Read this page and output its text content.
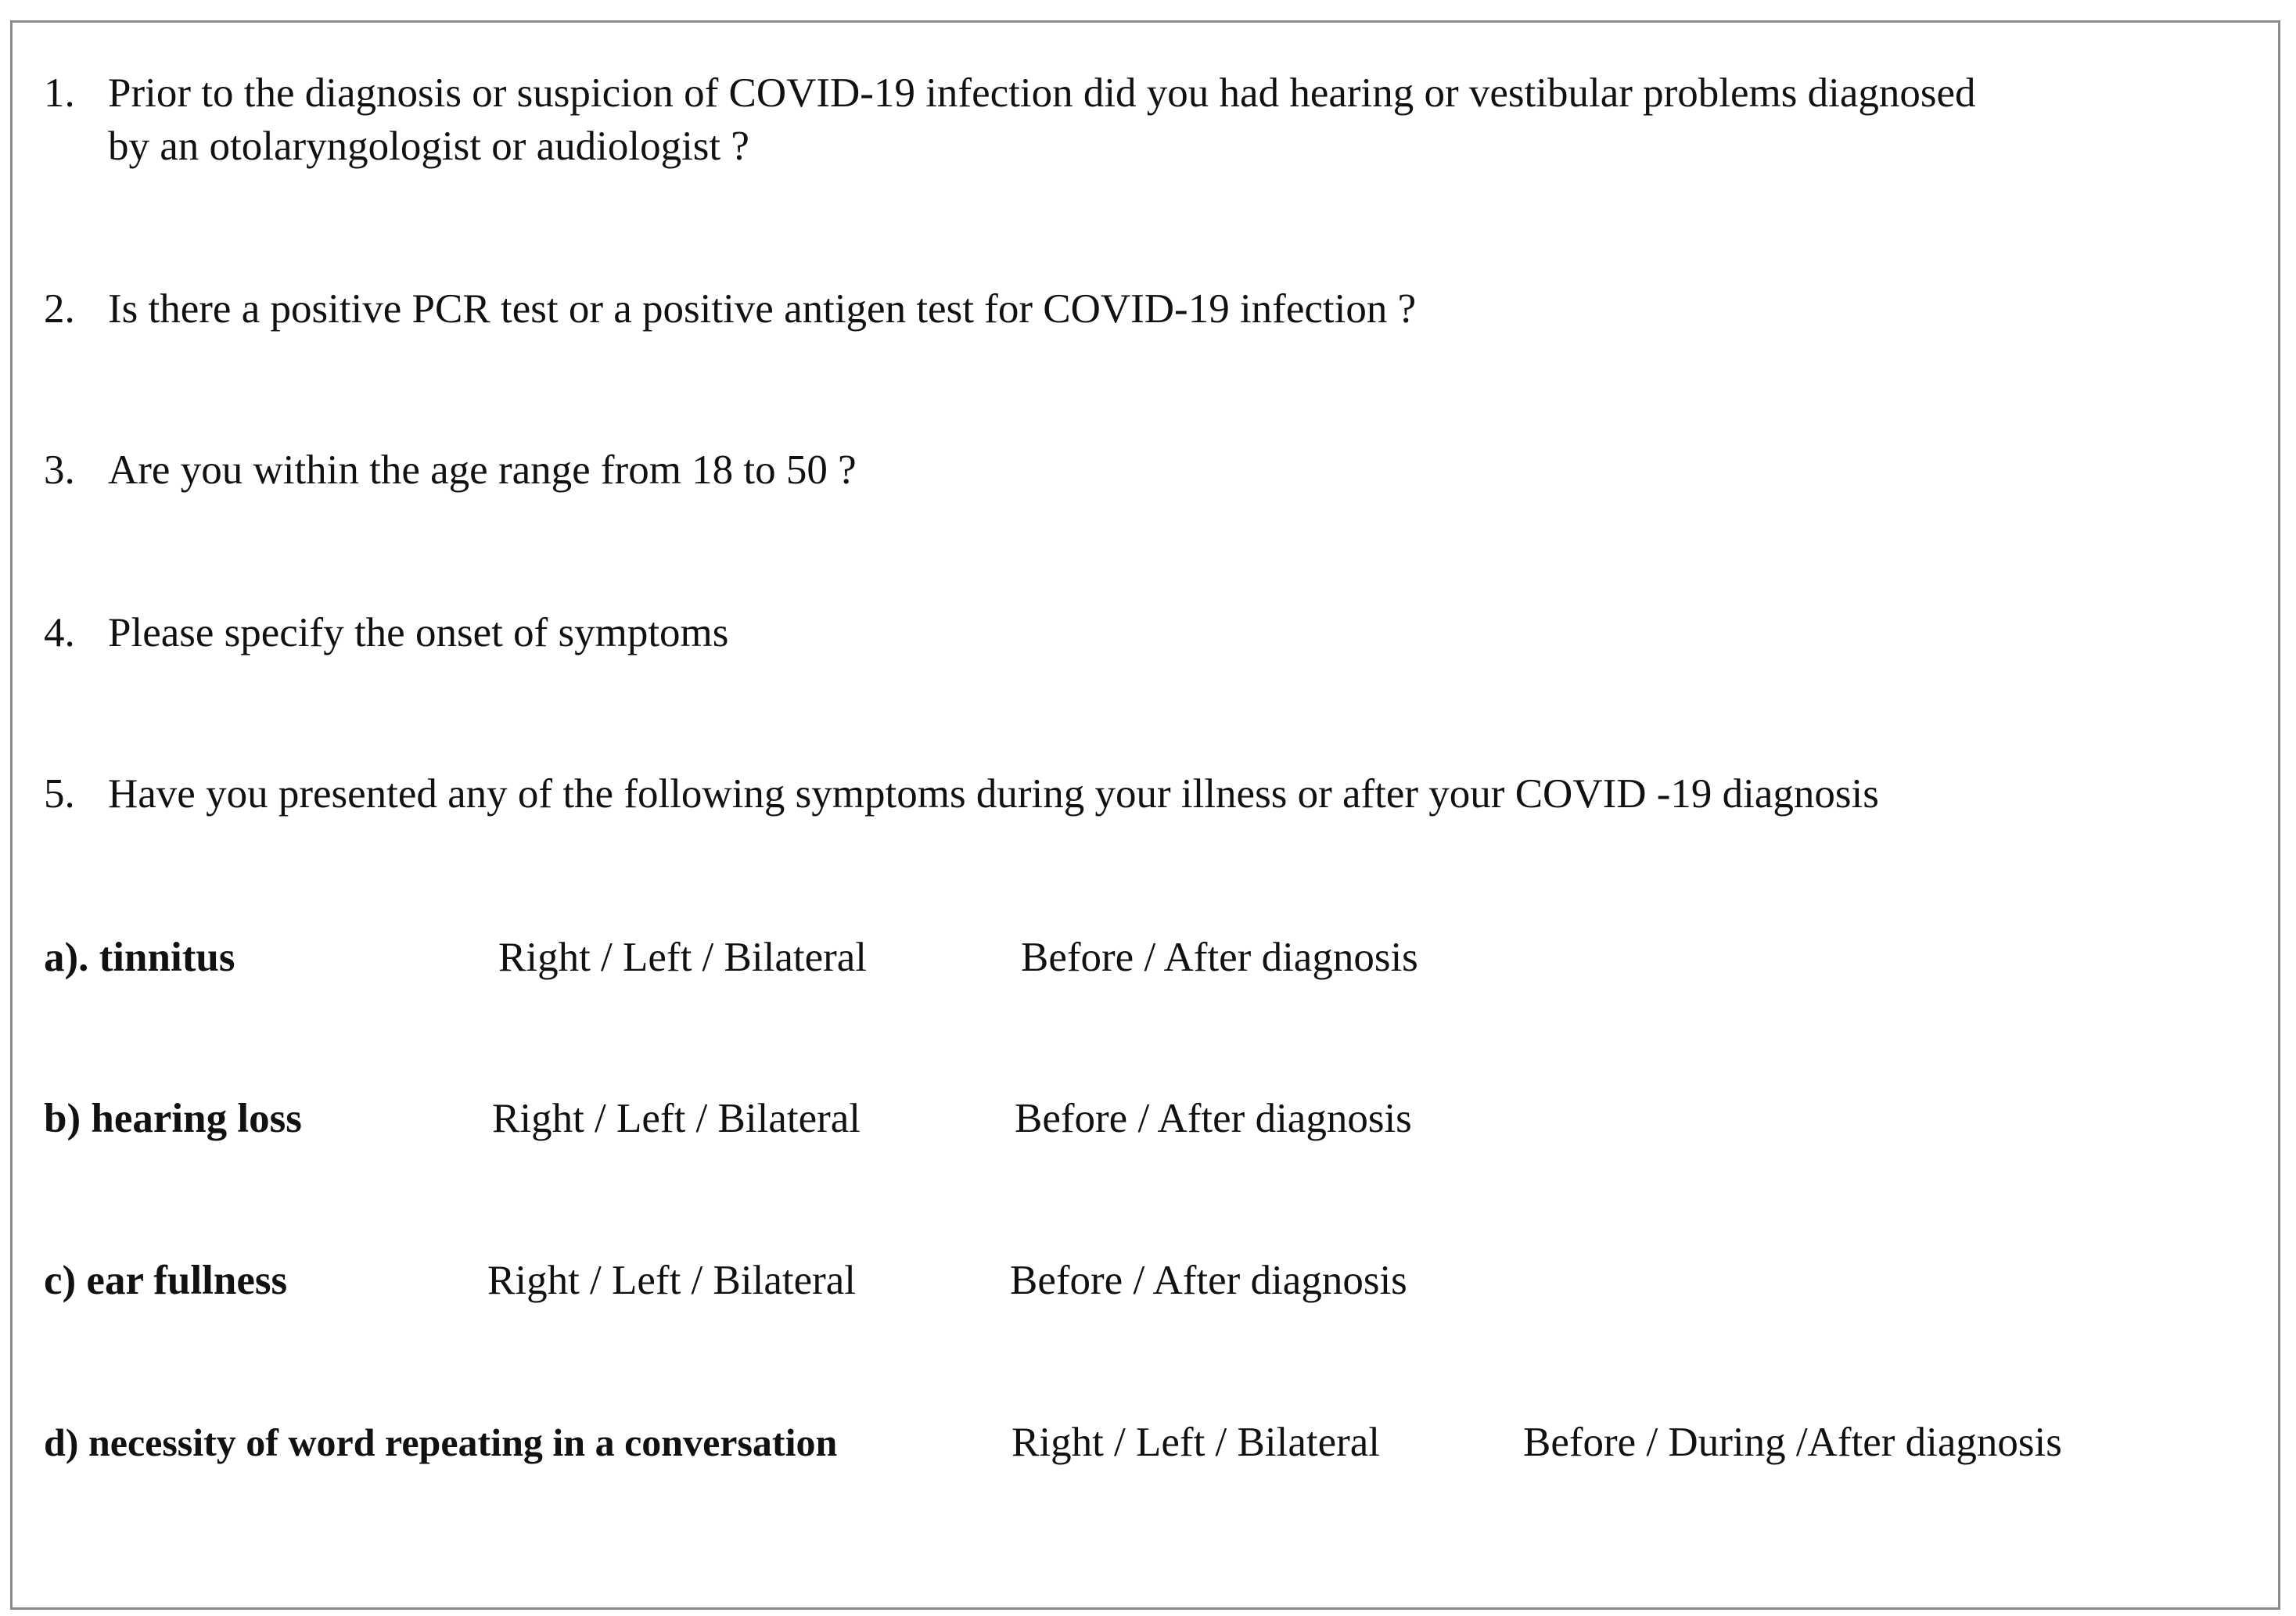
1. Prior to the diagnosis or suspicion of COVID-19 infection did you had hearing or vestibular problems diagnosed
by an otolaryngologist or audiologist ?
2. Is there a positive PCR test or a positive antigen test for COVID-19 infection ?
3. Are you within the age range from 18 to 50 ?
4. Please specify the onset of symptoms
5. Have you presented any of the following symptoms during your illness or after your COVID -19 diagnosis
a). tinnitus	Right / Left / Bilateral	Before / After diagnosis
b) hearing loss	Right / Left / Bilateral	Before / After diagnosis
c) ear fullness	Right / Left / Bilateral	Before / After diagnosis
d) necessity of word repeating in a conversation	Right / Left / Bilateral	Before / During /After diagnosis
